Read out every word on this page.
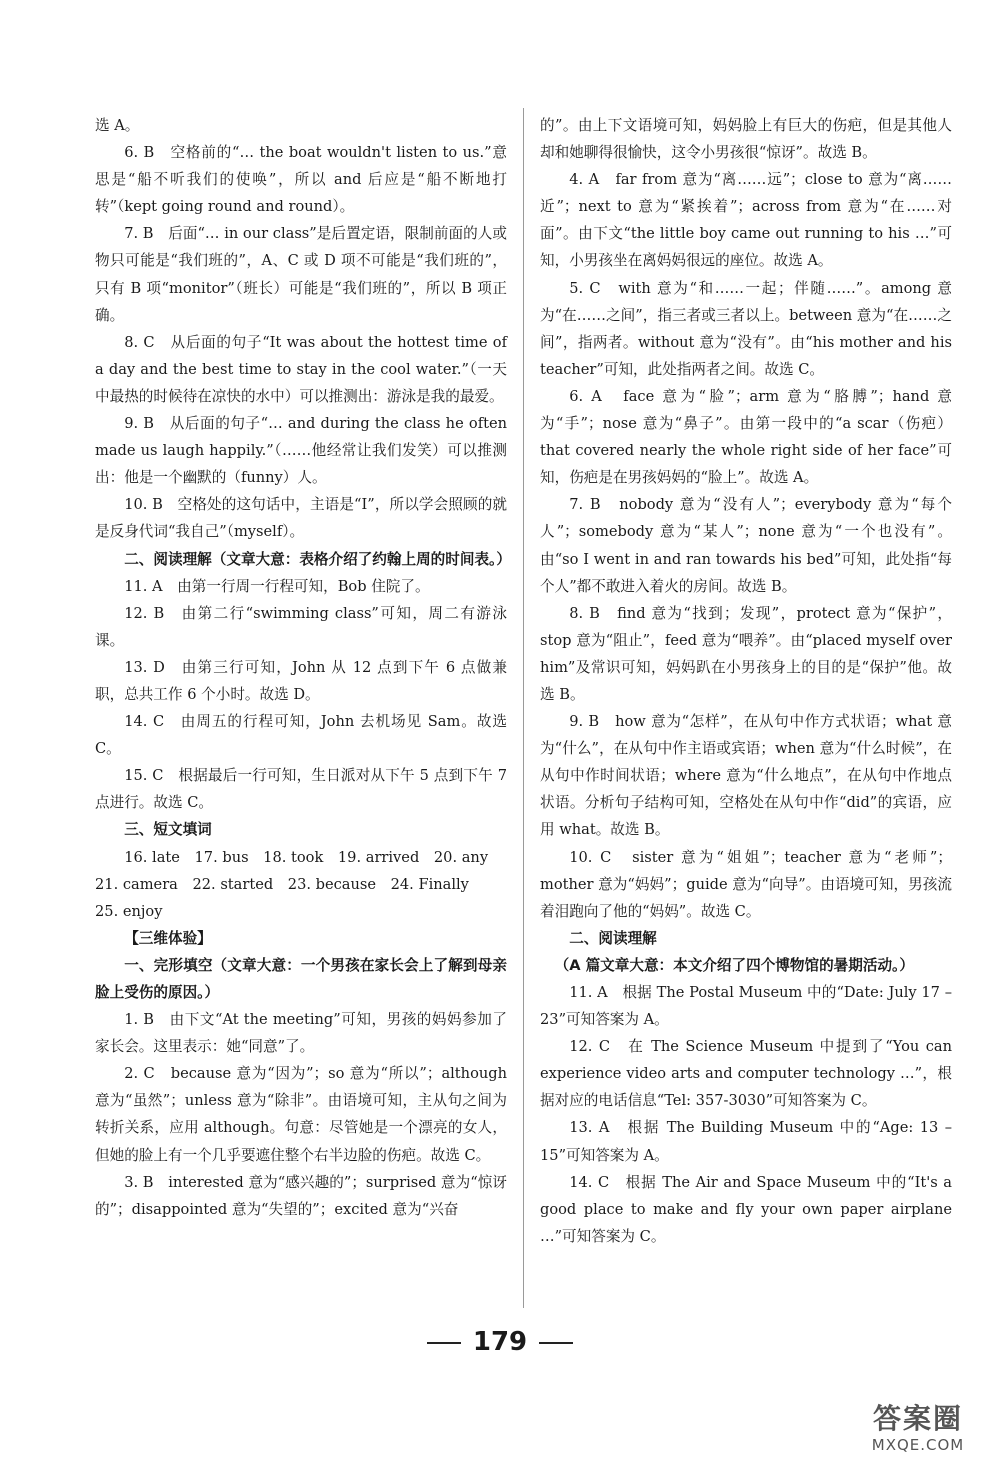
选 A。

6. B　空格前的“… the boat wouldn't listen to us.”意思是“船不听我们的使唤”，所以 and 后应是“船不断地打转”（kept going round and round）。

7. B　后面“… in our class”是后置定语，限制前面的人或物只可能是“我们班的”，A、C 或 D 项不可能是“我们班的”，只有 B 项“monitor”（班长）可能是“我们班的”，所以 B 项正确。

8. C　从后面的句子“It was about the hottest time of a day and the best time to stay in the cool water.”（一天中最热的时候待在凉快的水中）可以推测出：游泳是我的最爱。

9. B　从后面的句子“… and during the class he often made us laugh happily.”（……他经常让我们发笑）可以推测出：他是一个幽默的（funny）人。

10. B　空格处的这句话中，主语是“I”，所以学会照顾的就是反身代词“我自己”（myself）。

二、阅读理解（文章大意：表格介绍了约翰上周的时间表。）

11. A　由第一行周一行程可知，Bob 住院了。

12. B　由第二行“swimming class”可知，周二有游泳课。

13. D　由第三行可知，John 从 12 点到下午 6 点做兼职，总共工作 6 个小时。故选 D。

14. C　由周五的行程可知，John 去机场见 Sam。故选 C。

15. C　根据最后一行可知，生日派对从下午 5 点到下午 7 点进行。故选 C。

三、短文填词

16. late　17. bus　18. took　19. arrived　20. any

21. camera　22. started　23. because　24. Finally

25. enjoy

【三维体验】

一、完形填空（文章大意：一个男孩在家长会上了解到母亲脸上受伤的原因。）

1. B　由下文“At the meeting”可知，男孩的妈妈参加了家长会。这里表示：她“同意”了。

2. C　because 意为“因为”；so 意为“所以”；although 意为“虽然”；unless 意为“除非”。由语境可知，主从句之间为转折关系，应用 although。句意：尽管她是一个漂亮的女人，但她的脸上有一个几乎要遮住整个右半边脸的伤疤。故选 C。

3. B　interested 意为“感兴趣的”；surprised 意为“惊讶的”；disappointed 意为“失望的”；excited 意为“兴奋

的”。由上下文语境可知，妈妈脸上有巨大的伤疤，但是其他人却和她聊得很愉快，这令小男孩很“惊讶”。故选 B。

4. A　far from 意为“离……远”；close to 意为“离……近”；next to 意为“紧挨着”；across from 意为“在……对面”。由下文“the little boy came out running to his …”可知，小男孩坐在离妈妈很远的座位。故选 A。

5. C　with 意为“和……一起；伴随……”。among 意为“在……之间”，指三者或三者以上。between 意为“在……之间”，指两者。without 意为“没有”。由“his mother and his teacher”可知，此处指两者之间。故选 C。

6. A　face 意为“脸”；arm 意为“胳膊”；hand 意为“手”；nose 意为“鼻子”。由第一段中的“a scar（伤疤）that covered nearly the whole right side of her face”可知，伤疤是在男孩妈妈的“脸上”。故选 A。

7. B　nobody 意为“没有人”；everybody 意为“每个人”；somebody 意为“某人”；none 意为“一个也没有”。由“so I went in and ran towards his bed”可知，此处指“每个人”都不敢进入着火的房间。故选 B。

8. B　find 意为“找到；发现”，protect 意为“保护”，stop 意为“阻止”，feed 意为“喂养”。由“placed myself over him”及常识可知，妈妈趴在小男孩身上的目的是“保护”他。故选 B。

9. B　how 意为“怎样”，在从句中作方式状语；what 意为“什么”，在从句中作主语或宾语；when 意为“什么时候”，在从句中作时间状语；where 意为“什么地点”，在从句中作地点状语。分析句子结构可知，空格处在从句中作“did”的宾语，应用 what。故选 B。

10. C　sister 意为“姐姐”；teacher 意为“老师”；mother 意为“妈妈”；guide 意为“向导”。由语境可知，男孩流着泪跑向了他的“妈妈”。故选 C。

二、阅读理解

（A 篇文章大意：本文介绍了四个博物馆的暑期活动。）

11. A　根据 The Postal Museum 中的“Date: July 17 – 23”可知答案为 A。

12. C　在 The Science Museum 中提到了“You can experience video arts and computer technology …”，根据对应的电话信息“Tel: 357-3030”可知答案为 C。

13. A　根据 The Building Museum 中的“Age: 13 – 15”可知答案为 A。

14. C　根据 The Air and Space Museum 中的“It's a good place to make and fly your own paper airplane …”可知答案为 C。

179
答案圈
MXQE.COM
